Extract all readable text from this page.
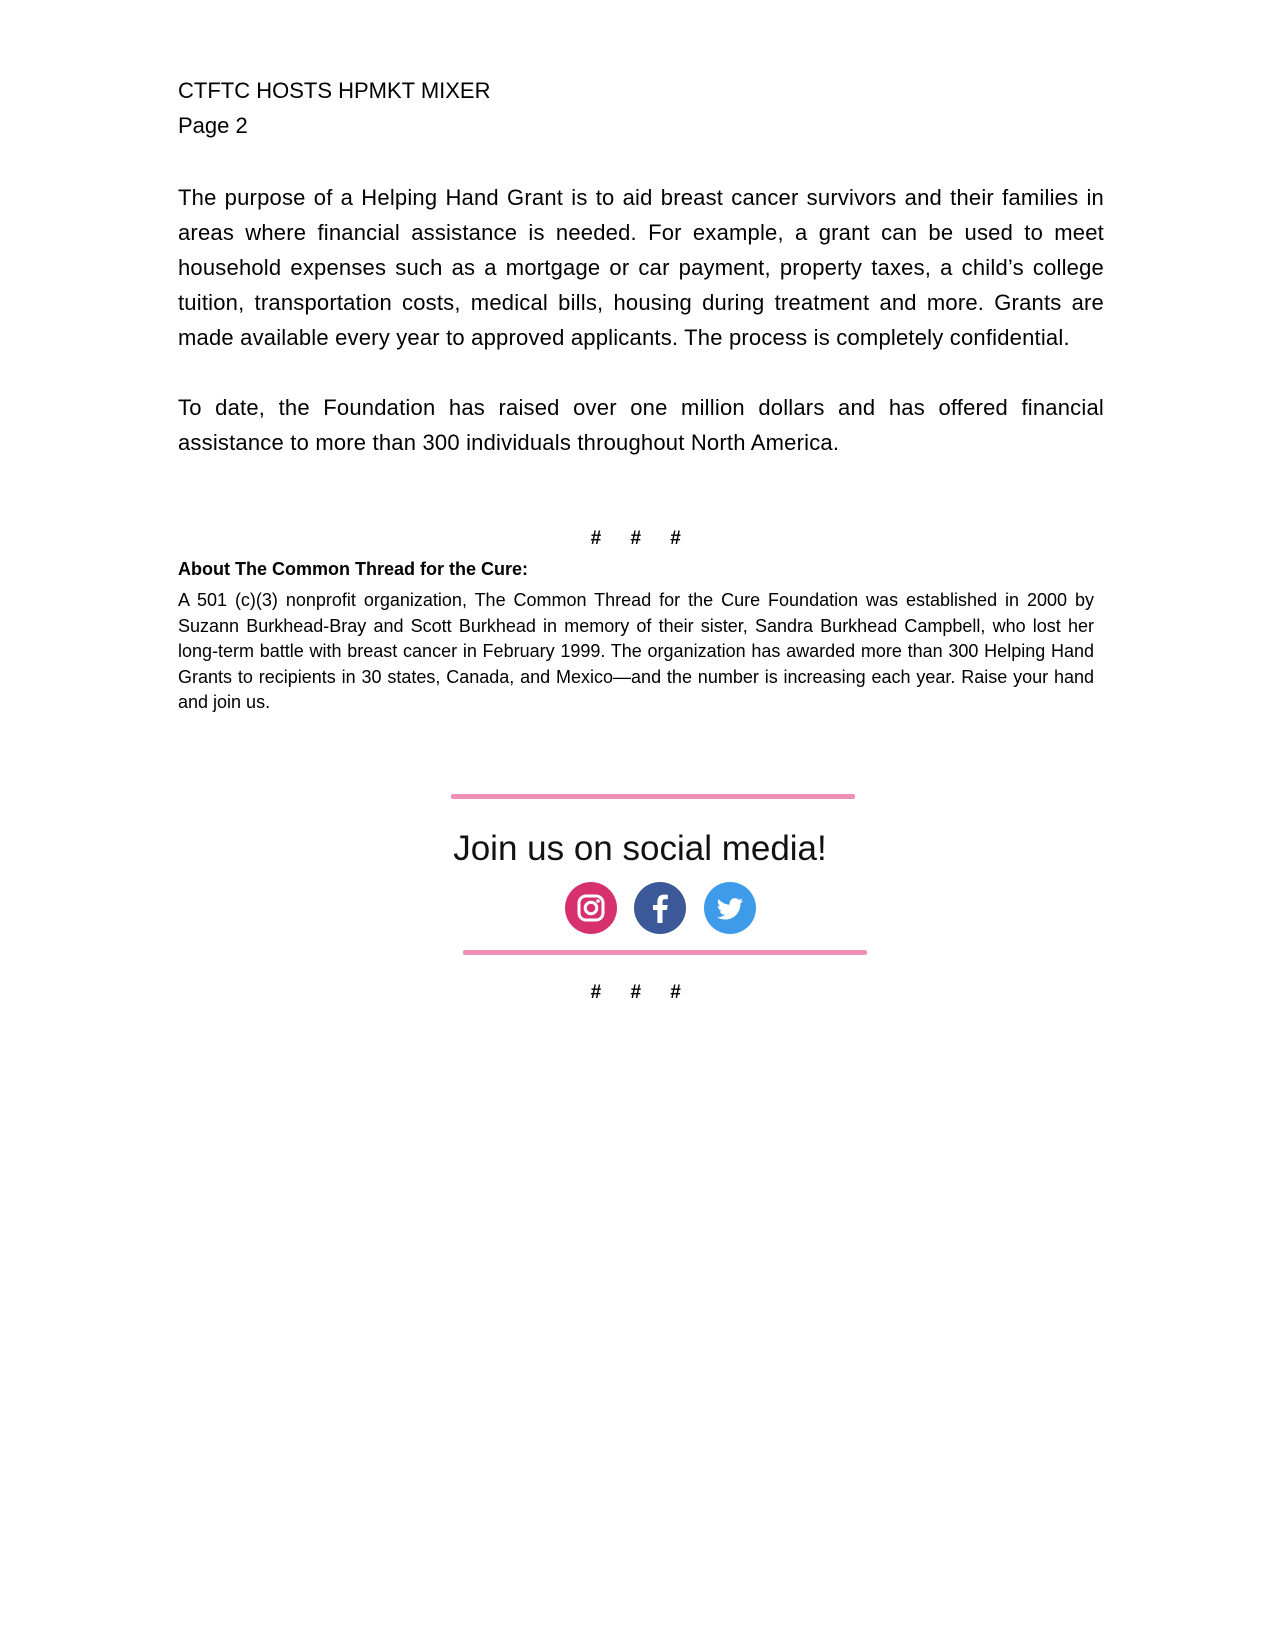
CTFTC HOSTS HPMKT MIXER
Page 2

The purpose of a Helping Hand Grant is to aid breast cancer survivors and their families in areas where financial assistance is needed. For example, a grant can be used to meet household expenses such as a mortgage or car payment, property taxes, a child’s college tuition, transportation costs, medical bills, housing during treatment and more. Grants are made available every year to approved applicants. The process is completely confidential.

To date, the Foundation has raised over one million dollars and has offered financial assistance to more than 300 individuals throughout North America.

# # #
About The Common Thread for the Cure:

A 501 (c)(3) nonprofit organization, The Common Thread for the Cure Foundation was established in 2000 by Suzann Burkhead-Bray and Scott Burkhead in memory of their sister, Sandra Burkhead Campbell, who lost her long-term battle with breast cancer in February 1999. The organization has awarded more than 300 Helping Hand Grants to recipients in 30 states, Canada, and Mexico—and the number is increasing each year. Raise your hand and join us.

Join us on social media!
# # #
